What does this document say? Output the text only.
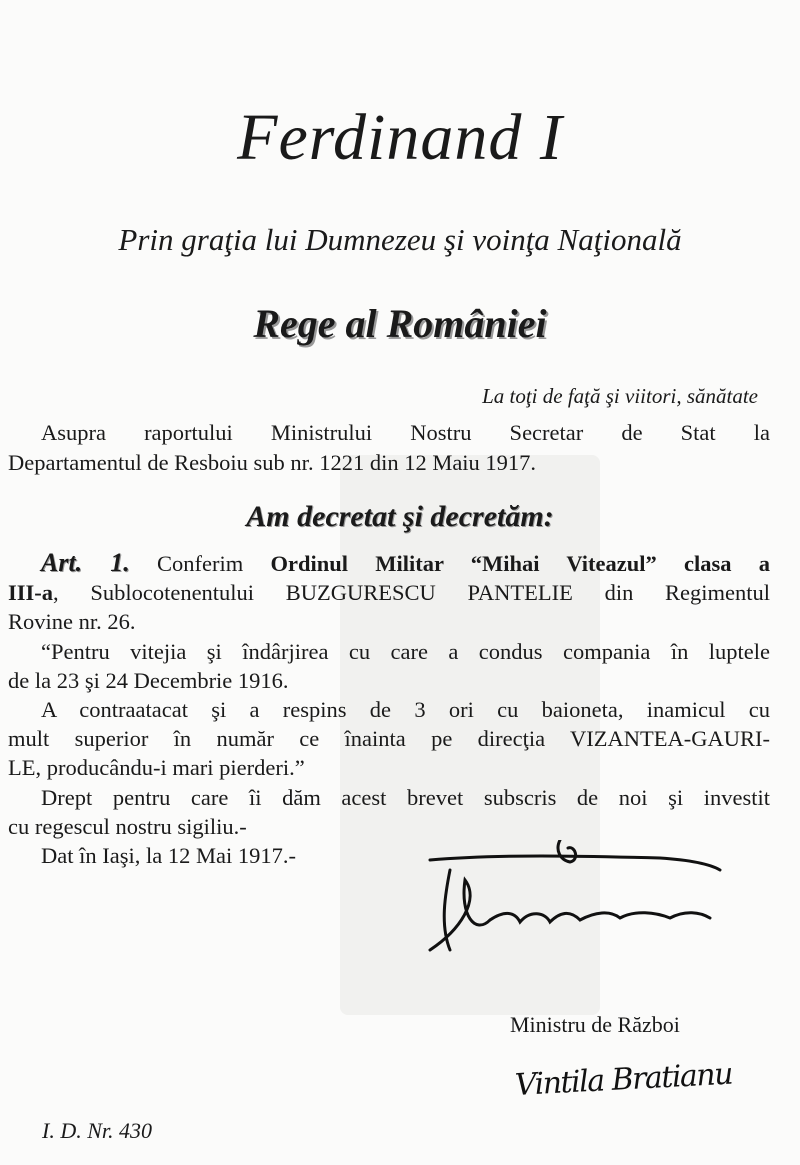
Ferdinand I
Prin graţia lui Dumnezeu şi voinţa Naţională
Rege al României
La toţi de faţă şi viitori, sănătate
Asupra raportului Ministrului Nostru Secretar de Stat la
Departamentul de Resboiu sub nr. 1221 din 12 Maiu 1917.
Am decretat şi decretăm:
Art. 1. Conferim Ordinul Militar “Mihai Viteazul” clasa a
III-a, Sublocotenentului BUZGURESCU PANTELIE din Regimentul
Rovine nr. 26.
“Pentru vitejia şi îndârjirea cu care a condus compania în luptele
de la 23 şi 24 Decembrie 1916.
A contraatacat şi a respins de 3 ori cu baioneta, inamicul cu
mult superior în număr ce înainta pe direcţia VIZANTEA-GAURI-
LE, producându-i mari pierderi.”
Drept pentru care îi dăm acest brevet subscris de noi şi investit
cu regescul nostru sigiliu.-
Dat în Iaşi, la 12 Mai 1917.-
Ministru de Război
Vintila Bratianu
I. D. Nr. 430
